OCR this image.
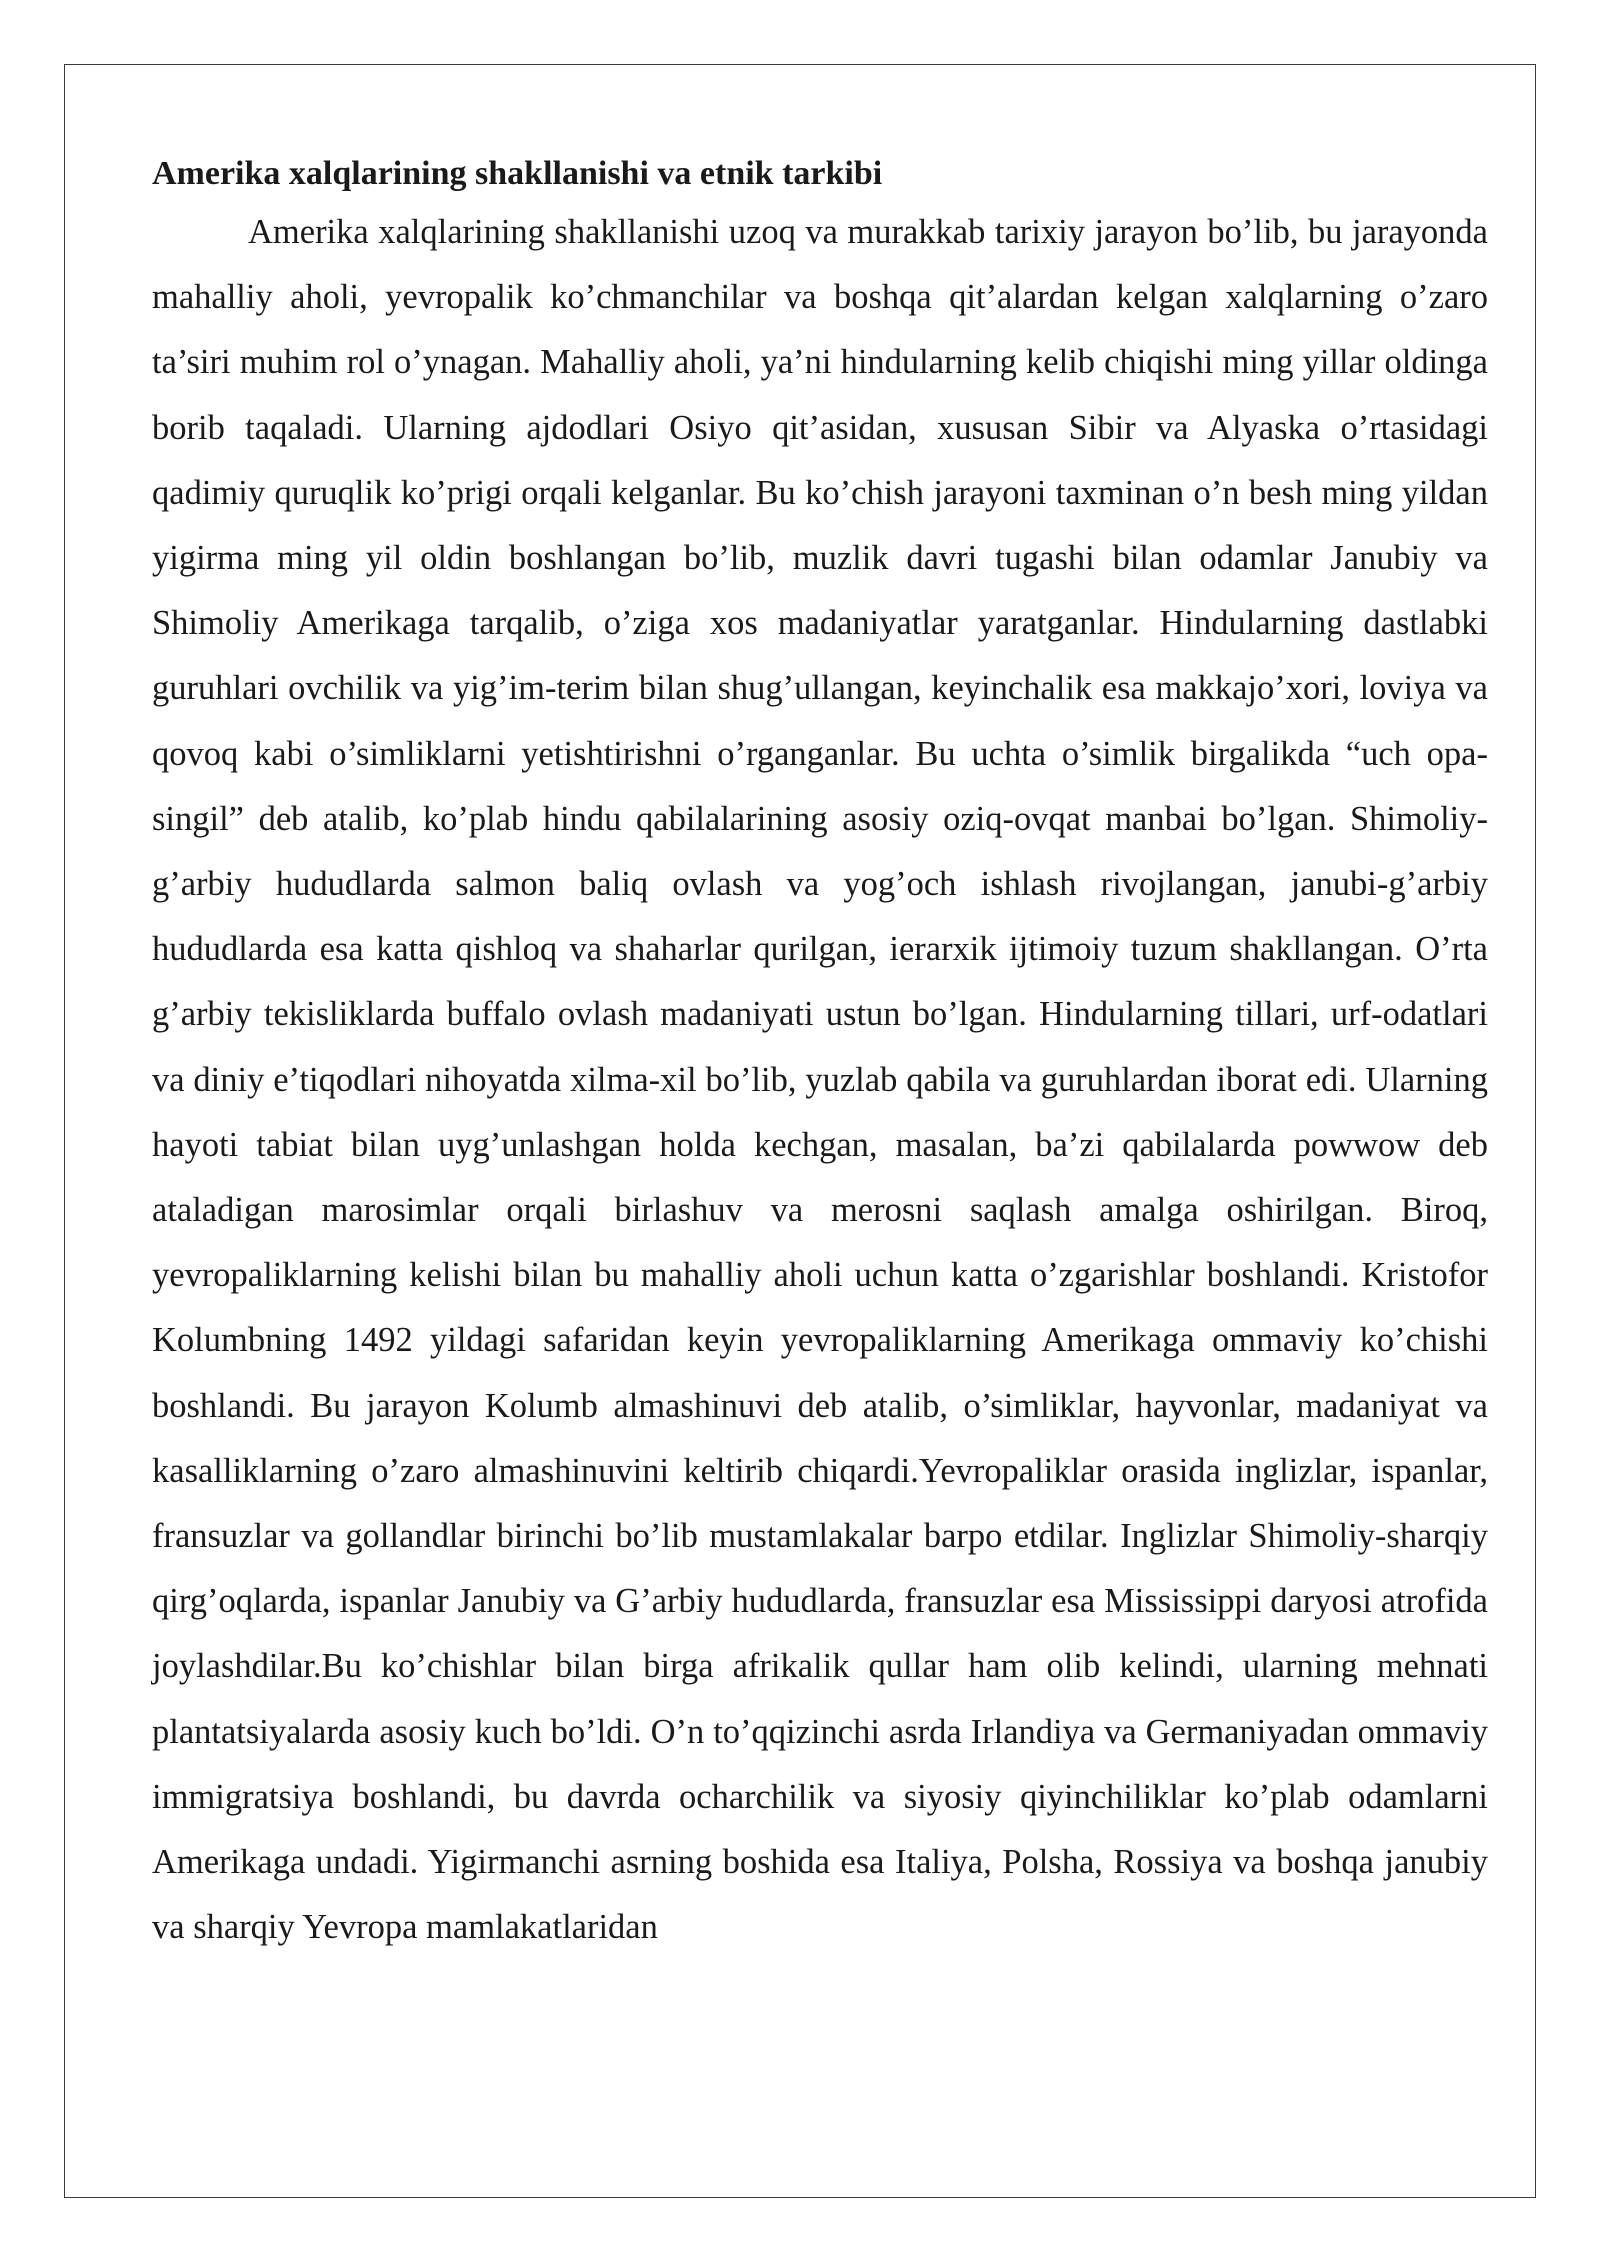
Amerika xalqlarining shakllanishi va etnik tarkibi

Amerika xalqlarining shakllanishi uzoq va murakkab tarixiy jarayon bo’lib, bu jarayonda mahalliy aholi, yevropalik ko’chmanchilar va boshqa qit’alardan kelgan xalqlarning o’zaro ta’siri muhim rol o’ynagan. Mahalliy aholi, ya’ni hindularning kelib chiqishi ming yillar oldinga borib taqaladi. Ularning ajdodlari Osiyo qit’asidan, xususan Sibir va Alyaska o’rtasidagi qadimiy quruqlik ko’prigi orqali kelganlar. Bu ko’chish jarayoni taxminan o’n besh ming yildan yigirma ming yil oldin boshlangan bo’lib, muzlik davri tugashi bilan odamlar Janubiy va Shimoliy Amerikaga tarqalib, o’ziga xos madaniyatlar yaratganlar. Hindularning dastlabki guruhlari ovchilik va yig’im-terim bilan shug’ullangan, keyinchalik esa makkajo’xori, loviya va qovoq kabi o’simliklarni yetishtirishni o’rganganlar. Bu uchta o’simlik birgalikda “uch opa-singil” deb atalib, ko’plab hindu qabilalarining asosiy oziq-ovqat manbai bo’lgan. Shimoliy-g’arbiy hududlarda salmon baliq ovlash va yog’och ishlash rivojlangan, janubi-g’arbiy hududlarda esa katta qishloq va shaharlar qurilgan, ierarxik ijtimoiy tuzum shakllangan. O’rta g’arbiy tekisliklarda buffalo ovlash madaniyati ustun bo’lgan. Hindularning tillari, urf-odatlari va diniy e’tiqodlari nihoyatda xilma-xil bo’lib, yuzlab qabila va guruhlardan iborat edi. Ularning hayoti tabiat bilan uyg’unlashgan holda kechgan, masalan, ba’zi qabilalarda powwow deb ataladigan marosimlar orqali birlashuv va merosni saqlash amalga oshirilgan. Biroq, yevropaliklarning kelishi bilan bu mahalliy aholi uchun katta o’zgarishlar boshlandi. Kristofor Kolumbning 1492 yildagi safaridan keyin yevropaliklarning Amerikaga ommaviy ko’chishi boshlandi. Bu jarayon Kolumb almashinuvi deb atalib, o’simliklar, hayvonlar, madaniyat va kasalliklarning o’zaro almashinuvini keltirib chiqardi.Yevropaliklar orasida inglizlar, ispanlar, fransuzlar va gollandlar birinchi bo’lib mustamlakalar barpo etdilar. Inglizlar Shimoliy-sharqiy qirg’oqlarda, ispanlar Janubiy va G’arbiy hududlarda, fransuzlar esa Mississippi daryosi atrofida joylashdilar.Bu ko’chishlar bilan birga afrikalik qullar ham olib kelindi, ularning mehnati plantatsiyalarda asosiy kuch bo’ldi. O’n to’qqizinchi asrda Irlandiya va Germaniyadan ommaviy immigratsiya boshlandi, bu davrda ocharchilik va siyosiy qiyinchiliklar ko’plab odamlarni Amerikaga undadi. Yigirmanchi asrning boshida esa Italiya, Polsha, Rossiya va boshqa janubiy va sharqiy Yevropa mamlakatlaridan
